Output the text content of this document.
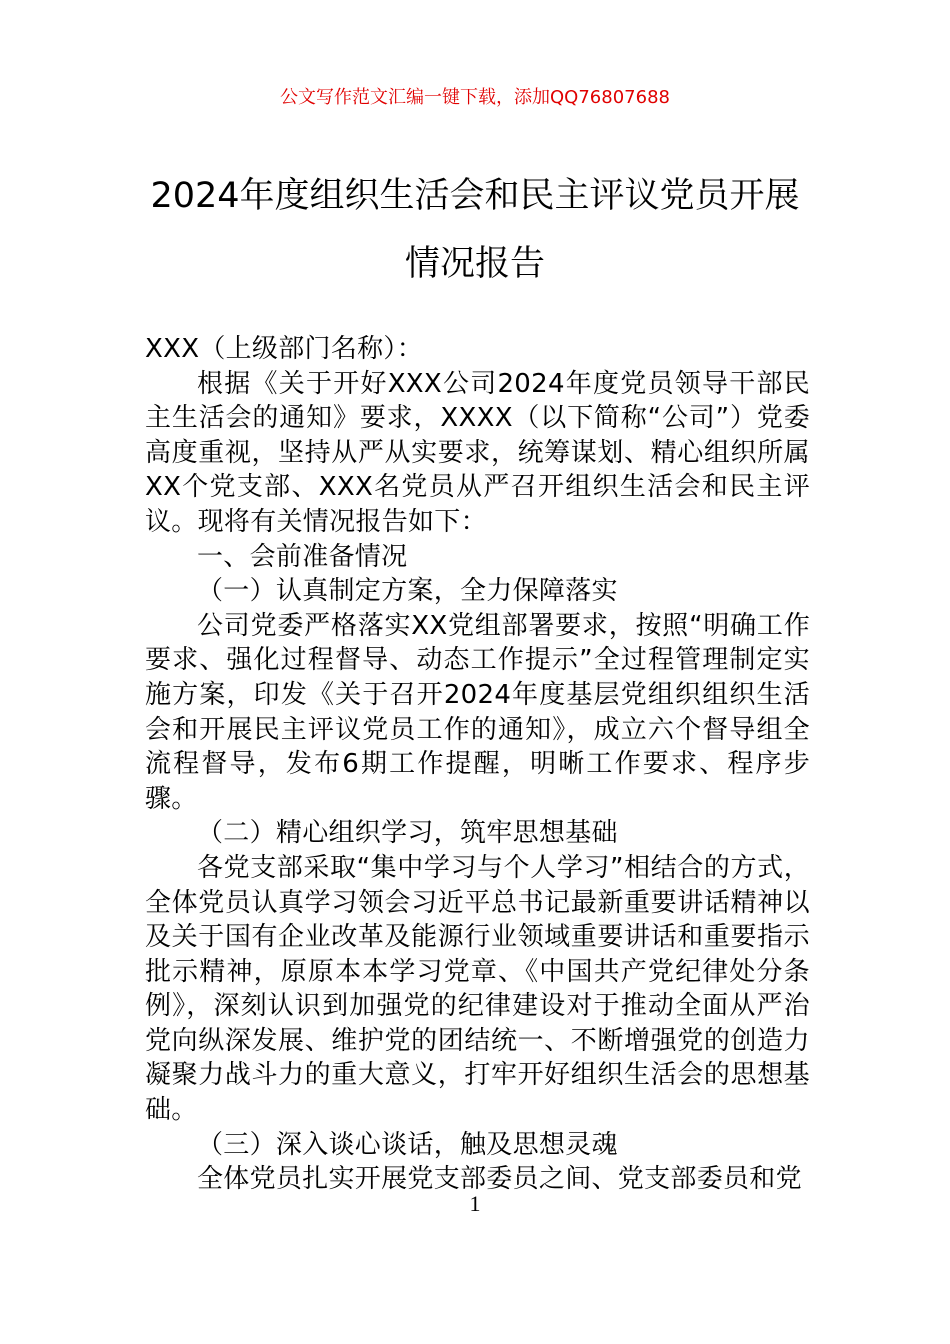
公文写作范文汇编一键下载，添加QQ76807688
2024年度组织生活会和民主评议党员开展
情况报告

XXX（上级部门名称）：

根据《关于开好XXX公司2024年度党员领导干部民主生活会的通知》要求，XXXX（以下简称“公司”）党委高度重视，坚持从严从实要求，统筹谋划、精心组织所属XX个党支部、XXX名党员从严召开组织生活会和民主评议。现将有关情况报告如下：

一、会前准备情况

（一）认真制定方案，全力保障落实

公司党委严格落实XX党组部署要求，按照“明确工作要求、强化过程督导、动态工作提示”全过程管理制定实施方案，印发《关于召开2024年度基层党组织组织生活会和开展民主评议党员工作的通知》，成立六个督导组全流程督导，发布6期工作提醒，明晰工作要求、程序步骤。

（二）精心组织学习，筑牢思想基础

各党支部采取“集中学习与个人学习”相结合的方式，全体党员认真学习领会习近平总书记最新重要讲话精神以及关于国有企业改革及能源行业领域重要讲话和重要指示批示精神，原原本本学习党章、《中国共产党纪律处分条例》，深刻认识到加强党的纪律建设对于推动全面从严治党向纵深发展、维护党的团结统一、不断增强党的创造力凝聚力战斗力的重大意义，打牢开好组织生活会的思想基础。

（三）深入谈心谈话，触及思想灵魂

全体党员扎实开展党支部委员之间、党支部委员和党

1
